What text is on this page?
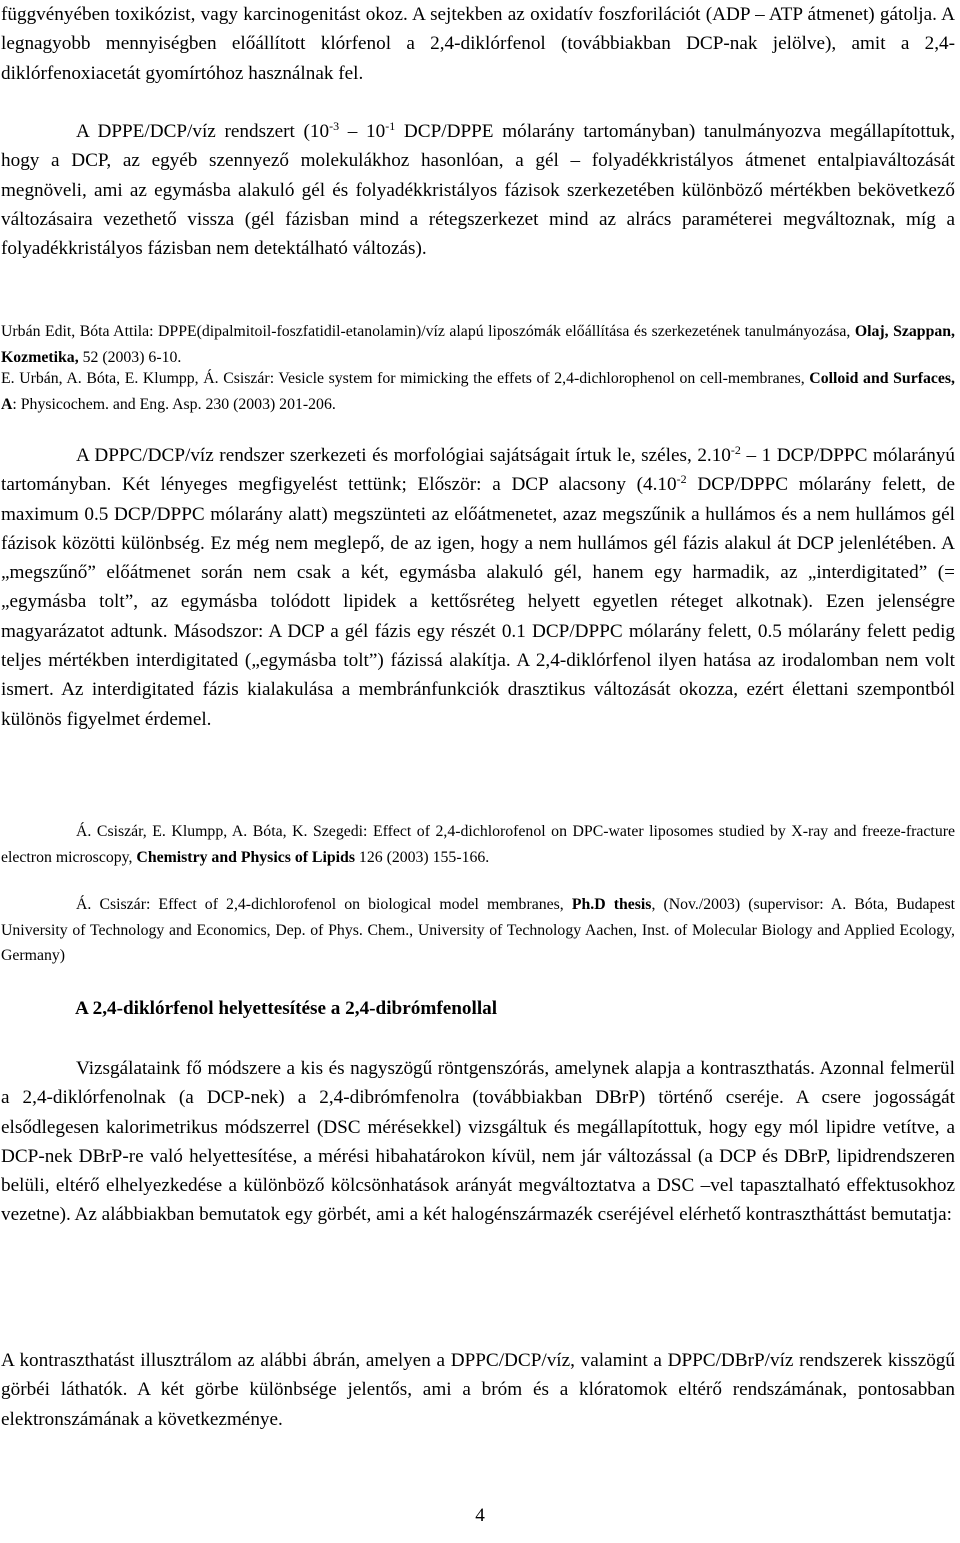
függvényében toxikózist, vagy karcinogenitást okoz. A sejtekben az oxidatív foszforilációt (ADP – ATP átmenet) gátolja. A legnagyobb mennyiségben előállított klórfenol a 2,4-diklórfenol (továbbiakban DCP-nak jelölve), amit a 2,4-diklórfenoxiacetát gyomírtóhoz használnak fel.

A DPPE/DCP/víz rendszert ($10^{-3} - 10^{-1}$ DCP/DPPE mólarány tartományban) tanulmányozva megállapítottuk, hogy a DCP, az egyéb szennyező molekulákhoz hasonlóan, a gél – folyadékkristályos átmenet entalpiaváltozását megnöveli, ami az egymásba alakuló gél és folyadékkristályos fázisok szerkezetében különböző mértékben bekövetkező változásaira vezethető vissza (gél fázisban mind a rétegszerkezet mind az alrács paraméterei megváltoznak, míg a folyadékkristályos fázisban nem detektálható változás).

Urbán Edit, Bóta Attila: DPPE(dipalmitoil-foszfatidil-etanolamin)/víz alapú liposzómák előállítása és szerkezetének tanulmányozása, Olaj, Szappan, Kozmetika, 52 (2003) 6-10.

E. Urbán, A. Bóta, E. Klumpp, Á. Csiszár: Vesicle system for mimicking the effets of 2,4-dichlorophenol on cell-membranes, Colloid and Surfaces, A: Physicochem. and Eng. Asp. 230 (2003) 201-206.

A DPPC/DCP/víz rendszer szerkezeti és morfológiai sajátságait írtuk le, széles, $2.10^{-2} - 1$ DCP/DPPC mólarányú tartományban. Két lényeges megfigyelést tettünk; Először: a DCP alacsony ($4.10^{-2}$ DCP/DPPC mólarány felett, de maximum 0.5 DCP/DPPC mólarány alatt) megszünteti az előátmenetet, azaz megszűnik a hullámos és a nem hullámos gél fázisok közötti különbség. Ez még nem meglepő, de az igen, hogy a nem hullámos gél fázis alakul át DCP jelenlétében. A „megszűnő” előátmenet során nem csak a két, egymásba alakuló gél, hanem egy harmadik, az „interdigitated” (= „egymásba tolt”, az egymásba tolódott lipidek a kettősréteg helyett egyetlen réteget alkotnak). Ezen jelenségre magyarázatot adtunk. Másodszor: A DCP a gél fázis egy részét 0.1 DCP/DPPC mólarány felett, 0.5 mólarány felett pedig teljes mértékben interdigitated („egymásba tolt”) fázissá alakítja. A 2,4-diklórfenol ilyen hatása az irodalomban nem volt ismert. Az interdigitated fázis kialakulása a membránfunkciók drasztikus változását okozza, ezért élettani szempontból különös figyelmet érdemel.

Á. Csiszár, E. Klumpp, A. Bóta, K. Szegedi: Effect of 2,4-dichlorofenol on DPC-water liposomes studied by X-ray and freeze-fracture electron microscopy, Chemistry and Physics of Lipids 126 (2003) 155-166.

Á. Csiszár: Effect of 2,4-dichlorofenol on biological model membranes, Ph.D thesis, (Nov./2003) (supervisor: A. Bóta, Budapest University of Technology and Economics, Dep. of Phys. Chem., University of Technology Aachen, Inst. of Molecular Biology and Applied Ecology, Germany)

A 2,4-diklórfenol helyettesítése a 2,4-dibrómfenollal

Vizsgálataink fő módszere a kis és nagyszögű röntgenszórás, amelynek alapja a kontraszthatás. Azonnal felmerül a 2,4-diklórfenolnak (a DCP-nek) a 2,4-dibrómfenolra (továbbiakban DBrP) történő cseréje. A csere jogosságát elsődlegesen kalorimetrikus módszerrel (DSC mérésekkel) vizsgáltuk és megállapítottuk, hogy egy mól lipidre vetítve, a DCP-nek DBrP-re való helyettesítése, a mérési hibahatárokon kívül, nem jár változással (a DCP és DBrP, lipidrendszeren belüli, eltérő elhelyezkedése a különböző kölcsönhatások arányát megváltoztatva a DSC –vel tapasztalható effektusokhoz vezetne). Az alábbiakban bemutatok egy görbét, ami a két halogénszármazék cseréjével elérhető kontrasztháttást bemutatja:

A kontraszthatást illusztrálom az alábbi ábrán, amelyen a DPPC/DCP/víz, valamint a DPPC/DBrP/víz rendszerek kisszögű görbéi láthatók. A két görbe különbsége jelentős, ami a bróm és a klóratomok eltérő rendszámának, pontosabban elektronszámának a következménye.

4
